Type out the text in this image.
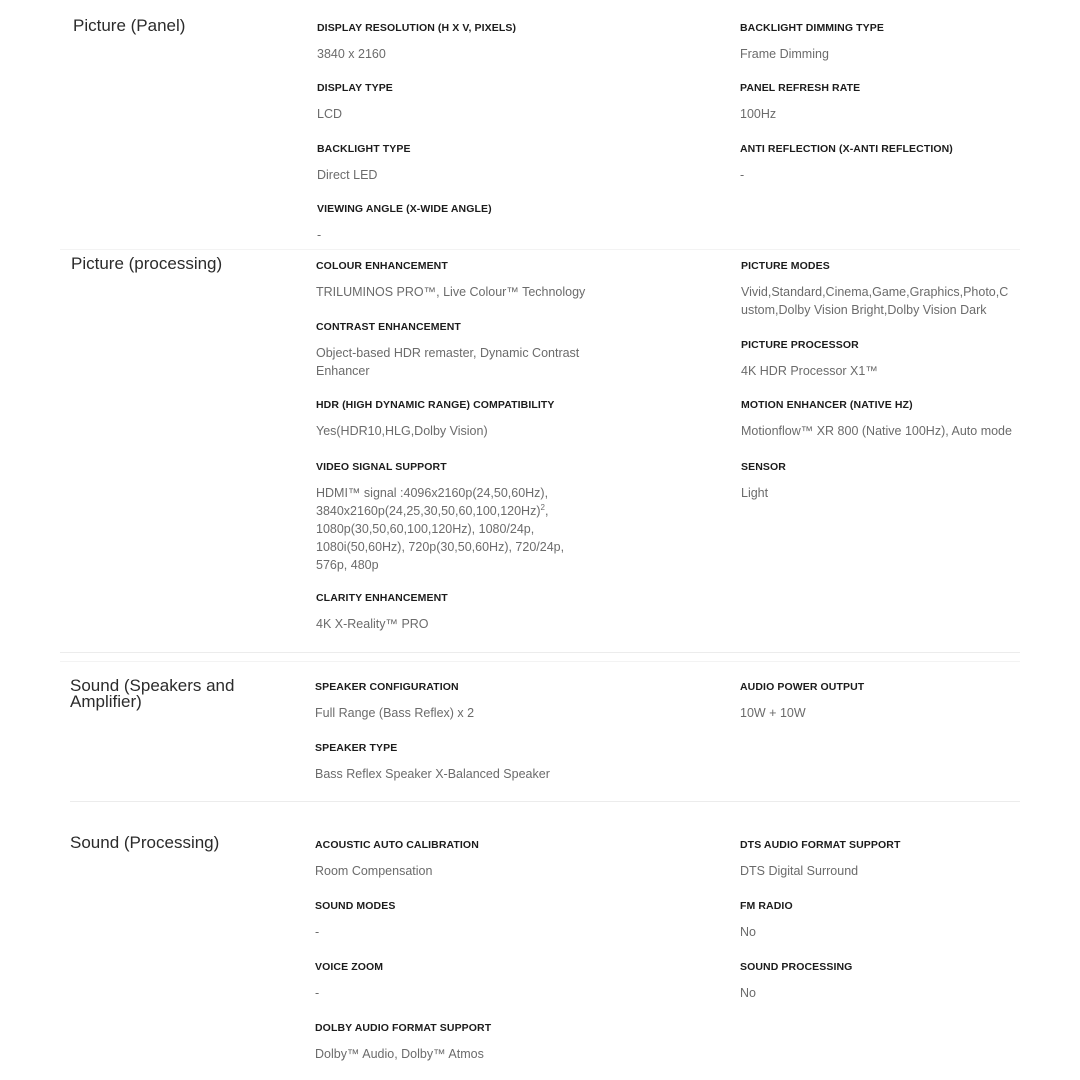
Picture (Panel)	DISPLAY RESOLUTION (H X V, PIXELS)
3840 x 2160
DISPLAY TYPE
LCD
BACKLIGHT TYPE
Direct LED
VIEWING ANGLE (X-WIDE ANGLE)
-
BACKLIGHT DIMMING TYPE
Frame Dimming
PANEL REFRESH RATE
100Hz
ANTI REFLECTION (X-ANTI REFLECTION)
-
Picture (processing)	COLOUR ENHANCEMENT
TRILUMINOS PRO™, Live Colour™ Technology
CONTRAST ENHANCEMENT
Object-based HDR remaster, Dynamic Contrast Enhancer
HDR (HIGH DYNAMIC RANGE) COMPATIBILITY
Yes(HDR10,HLG,Dolby Vision)
VIDEO SIGNAL SUPPORT
HDMI™ signal :4096x2160p(24,50,60Hz), $3840x2160p(24,25,30,50,60,100,120Hz)^2$, 1080p(30,50,60,100,120Hz), 1080/24p, 1080i(50,60Hz), 720p(30,50,60Hz), 720/24p, 576p, 480p
CLARITY ENHANCEMENT
4K X-Reality™ PRO
PICTURE MODES
Vivid,Standard,Cinema,Game,Graphics,Photo,Custom,Dolby Vision Bright,Dolby Vision Dark
PICTURE PROCESSOR
4K HDR Processor X1™
MOTION ENHANCER (NATIVE HZ)
Motionflow™ XR 800 (Native 100Hz), Auto mode
SENSOR
Light
Sound (Speakers and Amplifier)
SPEAKER CONFIGURATION
Full Range (Bass Reflex) x 2
SPEAKER TYPE
Bass Reflex Speaker X-Balanced Speaker
AUDIO POWER OUTPUT
10W + 10W
Sound (Processing)	ACOUSTIC AUTO CALIBRATION
Room Compensation
SOUND MODES
-
VOICE ZOOM
-
DOLBY AUDIO FORMAT SUPPORT
Dolby™ Audio, Dolby™ Atmos
DTS AUDIO FORMAT SUPPORT
DTS Digital Surround
FM RADIO
No
SOUND PROCESSING
No
